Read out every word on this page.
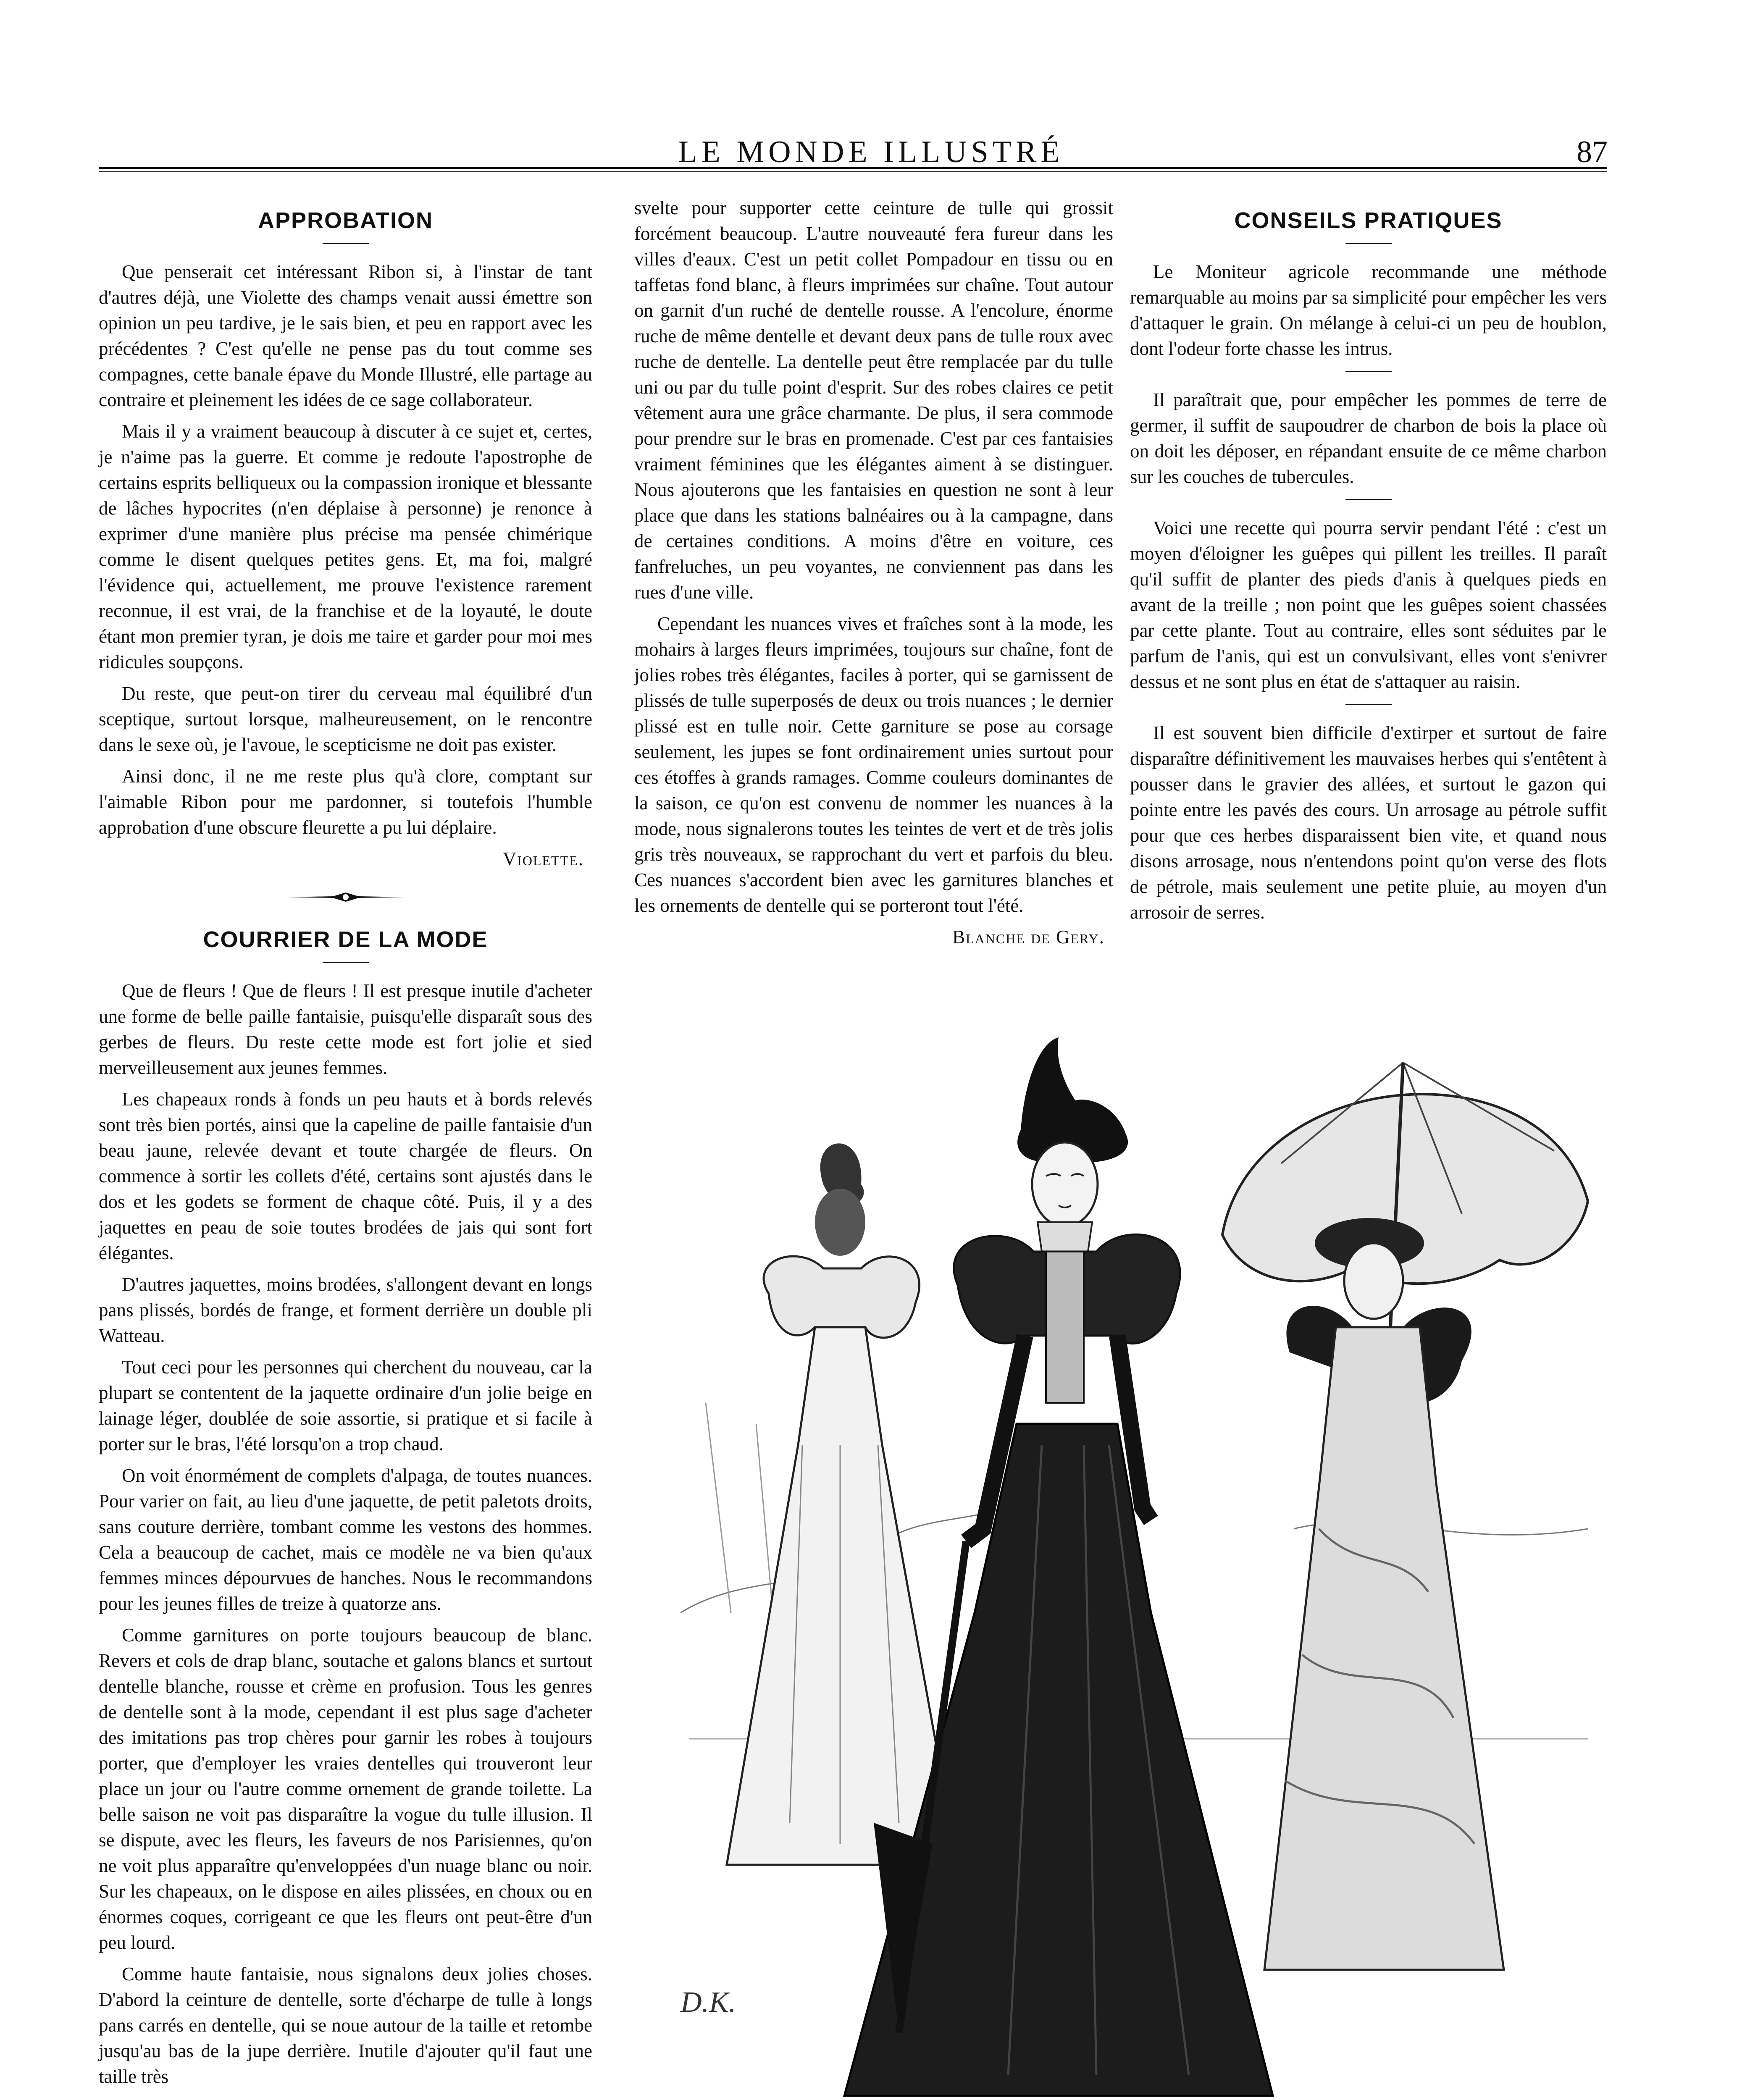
LE MONDE ILLUSTRÉ	87
APPROBATION

Que penserait cet intéressant Ribon si, à l'instar de tant d'autres déjà, une Violette des champs venait aussi émettre son opinion un peu tardive, je le sais bien, et peu en rapport avec les précédentes ? C'est qu'elle ne pense pas du tout comme ses compagnes, cette banale épave du Monde Illustré, elle partage au contraire et pleinement les idées de ce sage collaborateur.

Mais il y a vraiment beaucoup à discuter à ce sujet et, certes, je n'aime pas la guerre. Et comme je redoute l'apostrophe de certains esprits belliqueux ou la compassion ironique et blessante de lâches hypocrites (n'en déplaise à personne) je renonce à exprimer d'une manière plus précise ma pensée chimérique comme le disent quelques petites gens. Et, ma foi, malgré l'évidence qui, actuellement, me prouve l'existence rarement reconnue, il est vrai, de la franchise et de la loyauté, le doute étant mon premier tyran, je dois me taire et garder pour moi mes ridicules soupçons.

Du reste, que peut-on tirer du cerveau mal équilibré d'un sceptique, surtout lorsque, malheureusement, on le rencontre dans le sexe où, je l'avoue, le scepticisme ne doit pas exister.

Ainsi donc, il ne me reste plus qu'à clore, comptant sur l'aimable Ribon pour me pardonner, si toutefois l'humble approbation d'une obscure fleurette a pu lui déplaire.

Violette.
COURRIER DE LA MODE

Que de fleurs ! Que de fleurs ! Il est presque inutile d'acheter une forme de belle paille fantaisie, puisqu'elle disparaît sous des gerbes de fleurs. Du reste cette mode est fort jolie et sied merveilleusement aux jeunes femmes.

Les chapeaux ronds à fonds un peu hauts et à bords relevés sont très bien portés, ainsi que la capeline de paille fantaisie d'un beau jaune, relevée devant et toute chargée de fleurs. On commence à sortir les collets d'été, certains sont ajustés dans le dos et les godets se forment de chaque côté. Puis, il y a des jaquettes en peau de soie toutes brodées de jais qui sont fort élégantes.

D'autres jaquettes, moins brodées, s'allongent devant en longs pans plissés, bordés de frange, et forment derrière un double pli Watteau.

Tout ceci pour les personnes qui cherchent du nouveau, car la plupart se contentent de la jaquette ordinaire d'un jolie beige en lainage léger, doublée de soie assortie, si pratique et si facile à porter sur le bras, l'été lorsqu'on a trop chaud.

On voit énormément de complets d'alpaga, de toutes nuances. Pour varier on fait, au lieu d'une jaquette, de petit paletots droits, sans couture derrière, tombant comme les vestons des hommes. Cela a beaucoup de cachet, mais ce modèle ne va bien qu'aux femmes minces dépourvues de hanches. Nous le recommandons pour les jeunes filles de treize à quatorze ans.

Comme garnitures on porte toujours beaucoup de blanc. Revers et cols de drap blanc, soutache et galons blancs et surtout dentelle blanche, rousse et crème en profusion. Tous les genres de dentelle sont à la mode, cependant il est plus sage d'acheter des imitations pas trop chères pour garnir les robes à toujours porter, que d'employer les vraies dentelles qui trouveront leur place un jour ou l'autre comme ornement de grande toilette. La belle saison ne voit pas disparaître la vogue du tulle illusion. Il se dispute, avec les fleurs, les faveurs de nos Parisiennes, qu'on ne voit plus apparaître qu'enveloppées d'un nuage blanc ou noir. Sur les chapeaux, on le dispose en ailes plissées, en choux ou en énormes coques, corrigeant ce que les fleurs ont peut-être d'un peu lourd.

Comme haute fantaisie, nous signalons deux jolies choses. D'abord la ceinture de dentelle, sorte d'écharpe de tulle à longs pans carrés en dentelle, qui se noue autour de la taille et retombe jusqu'au bas de la jupe derrière. Inutile d'ajouter qu'il faut une taille très

svelte pour supporter cette ceinture de tulle qui grossit forcément beaucoup. L'autre nouveauté fera fureur dans les villes d'eaux. C'est un petit collet Pompadour en tissu ou en taffetas fond blanc, à fleurs imprimées sur chaîne. Tout autour on garnit d'un ruché de dentelle rousse. A l'encolure, énorme ruche de même dentelle et devant deux pans de tulle roux avec ruche de dentelle. La dentelle peut être remplacée par du tulle uni ou par du tulle point d'esprit. Sur des robes claires ce petit vêtement aura une grâce charmante. De plus, il sera commode pour prendre sur le bras en promenade. C'est par ces fantaisies vraiment féminines que les élégantes aiment à se distinguer. Nous ajouterons que les fantaisies en question ne sont à leur place que dans les stations balnéaires ou à la campagne, dans de certaines conditions. A moins d'être en voiture, ces fanfreluches, un peu voyantes, ne conviennent pas dans les rues d'une ville.

Cependant les nuances vives et fraîches sont à la mode, les mohairs à larges fleurs imprimées, toujours sur chaîne, font de jolies robes très élégantes, faciles à porter, qui se garnissent de plissés de tulle superposés de deux ou trois nuances ; le dernier plissé est en tulle noir. Cette garniture se pose au corsage seulement, les jupes se font ordinairement unies surtout pour ces étoffes à grands ramages. Comme couleurs dominantes de la saison, ce qu'on est convenu de nommer les nuances à la mode, nous signalerons toutes les teintes de vert et de très jolis gris très nouveaux, se rapprochant du vert et parfois du bleu. Ces nuances s'accordent bien avec les garnitures blanches et les ornements de dentelle qui se porteront tout l'été.

Blanche de Gery.
CONSEILS PRATIQUES

Le Moniteur agricole recommande une méthode remarquable au moins par sa simplicité pour empêcher les vers d'attaquer le grain. On mélange à celui-ci un peu de houblon, dont l'odeur forte chasse les intrus.

Il paraîtrait que, pour empêcher les pommes de terre de germer, il suffit de saupoudrer de charbon de bois la place où on doit les déposer, en répandant ensuite de ce même charbon sur les couches de tubercules.

Voici une recette qui pourra servir pendant l'été : c'est un moyen d'éloigner les guêpes qui pillent les treilles. Il paraît qu'il suffit de planter des pieds d'anis à quelques pieds en avant de la treille ; non point que les guêpes soient chassées par cette plante. Tout au contraire, elles sont séduites par le parfum de l'anis, qui est un convulsivant, elles vont s'enivrer dessus et ne sont plus en état de s'attaquer au raisin.

Il est souvent bien difficile d'extirper et surtout de faire disparaître définitivement les mauvaises herbes qui s'entêtent à pousser dans le gravier des allées, et surtout le gazon qui pointe entre les pavés des cours. Un arrosage au pétrole suffit pour que ces herbes disparaissent bien vite, et quand nous disons arrosage, nous n'entendons point qu'on verse des flots de pétrole, mais seulement une petite pluie, au moyen d'un arrosoir de serres.

D.K.
